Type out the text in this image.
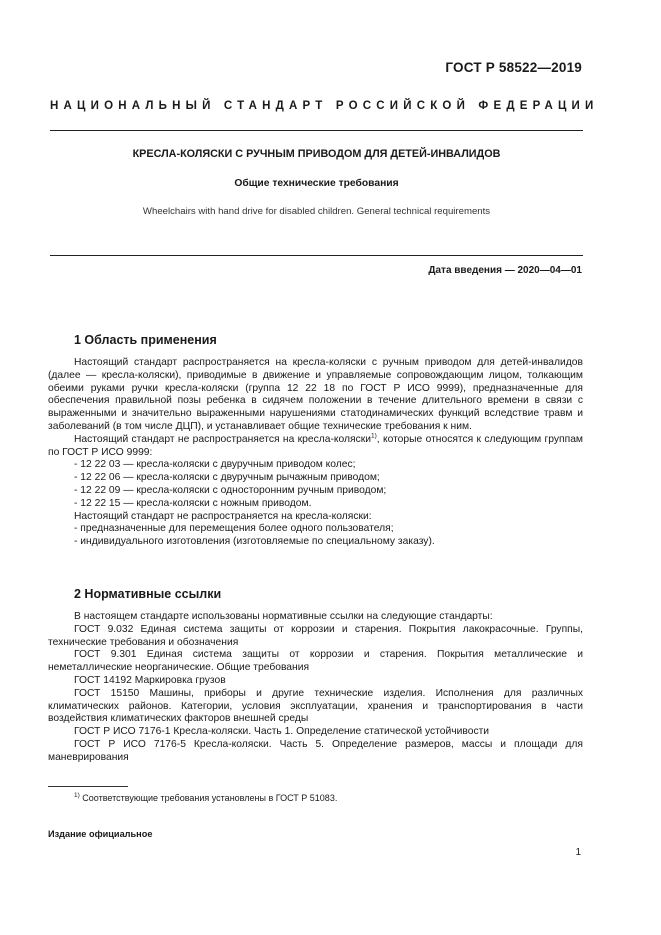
ГОСТ Р 58522—2019
НАЦИОНАЛЬНЫЙ СТАНДАРТ РОССИЙСКОЙ ФЕДЕРАЦИИ
КРЕСЛА-КОЛЯСКИ С РУЧНЫМ ПРИВОДОМ ДЛЯ ДЕТЕЙ-ИНВАЛИДОВ
Общие технические требования
Wheelchairs with hand drive for disabled children. General technical requirements
Дата введения — 2020—04—01
1 Область применения

Настоящий стандарт распространяется на кресла-коляски с ручным приводом для детей-инвалидов (далее — кресла-коляски), приводимые в движение и управляемые сопровождающим лицом, толкающим обеими руками ручки кресла-коляски (группа 12 22 18 по ГОСТ Р ИСО 9999), предназначенные для обеспечения правильной позы ребенка в сидячем положении в течение длительного времени в связи с выраженными и значительно выраженными нарушениями статодинамических функций вследствие травм и заболеваний (в том числе ДЦП), и устанавливает общие технические требования к ним.

Настоящий стандарт не распространяется на кресла-коляски$^{1)}$, которые относятся к следующим группам по ГОСТ Р ИСО 9999:

- 12 22 03 — кресла-коляски с двуручным приводом колес;
- 12 22 06 — кресла-коляски с двуручным рычажным приводом;
- 12 22 09 — кресла-коляски с односторонним ручным приводом;
- 12 22 15 — кресла-коляски с ножным приводом.

Настоящий стандарт не распространяется на кресла-коляски:

- предназначенные для перемещения более одного пользователя;
- индивидуального изготовления (изготовляемые по специальному заказу).
2 Нормативные ссылки

В настоящем стандарте использованы нормативные ссылки на следующие стандарты:

ГОСТ 9.032 Единая система защиты от коррозии и старения. Покрытия лакокрасочные. Группы, технические требования и обозначения

ГОСТ 9.301 Единая система защиты от коррозии и старения. Покрытия металлические и неметаллические неорганические. Общие требования

ГОСТ 14192 Маркировка грузов

ГОСТ 15150 Машины, приборы и другие технические изделия. Исполнения для различных климатических районов. Категории, условия эксплуатации, хранения и транспортирования в части воздействия климатических факторов внешней среды

ГОСТ Р ИСО 7176-1 Кресла-коляски. Часть 1. Определение статической устойчивости

ГОСТ Р ИСО 7176-5 Кресла-коляски. Часть 5. Определение размеров, массы и площади для маневрирования

$^{1)}$ Соответствующие требования установлены в ГОСТ Р 51083.
Издание официальное
1
